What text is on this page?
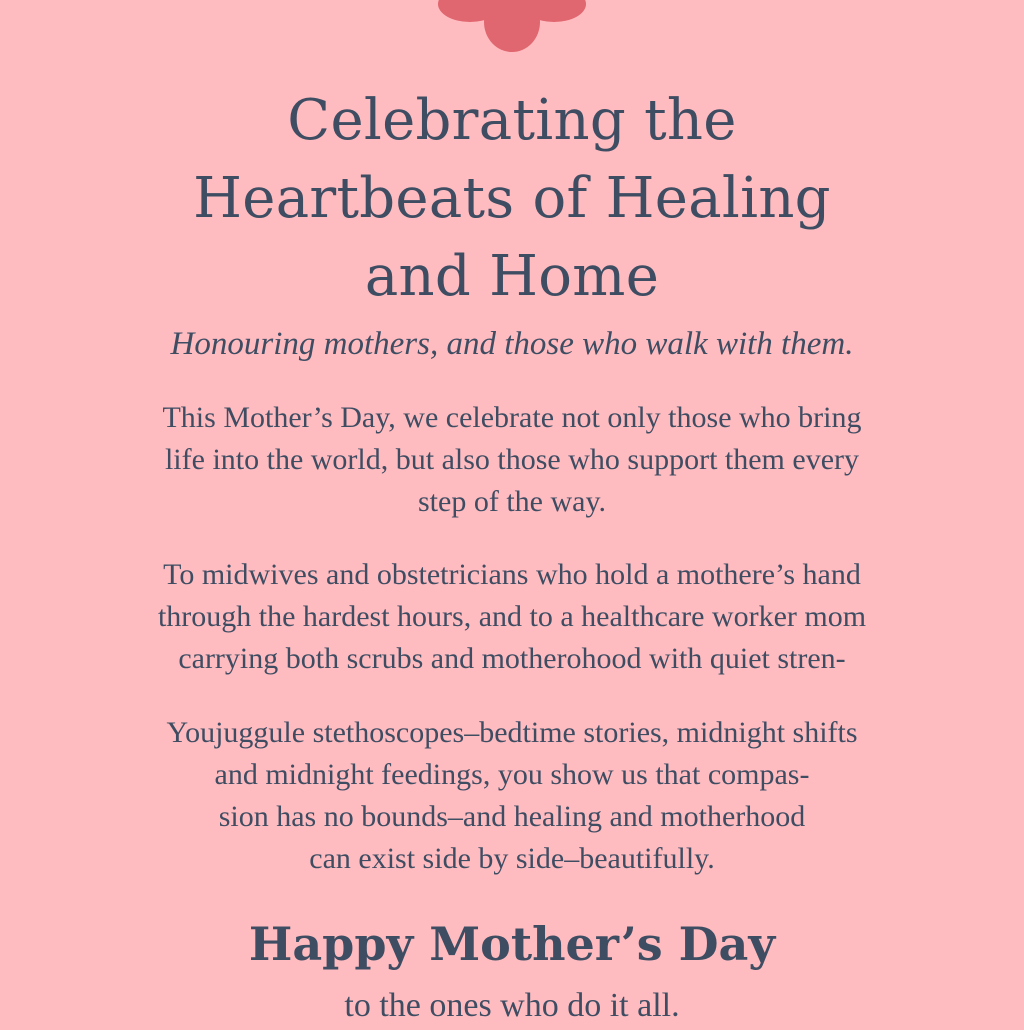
Celebrating the
Heartbeats of Healing
and Home
Honouring mothers, and those who walk with them.
This Mother’s Day, we celebrate not only those who bring
life into the world, but also those who support them every
step of the way.
To midwives and obstetricians who hold a mothere’s hand
through the hardest hours, and to a healthcare worker mom
carrying both scrubs and motherohood with quiet stren-
Youjuggule stethoscopes–bedtime stories, midnight shifts
and midnight feedings, you show us that compas-
sion has no bounds–and healing and motherhood
can exist side by side–beautifully.
Happy Mother’s Day
to the ones who do it all.
